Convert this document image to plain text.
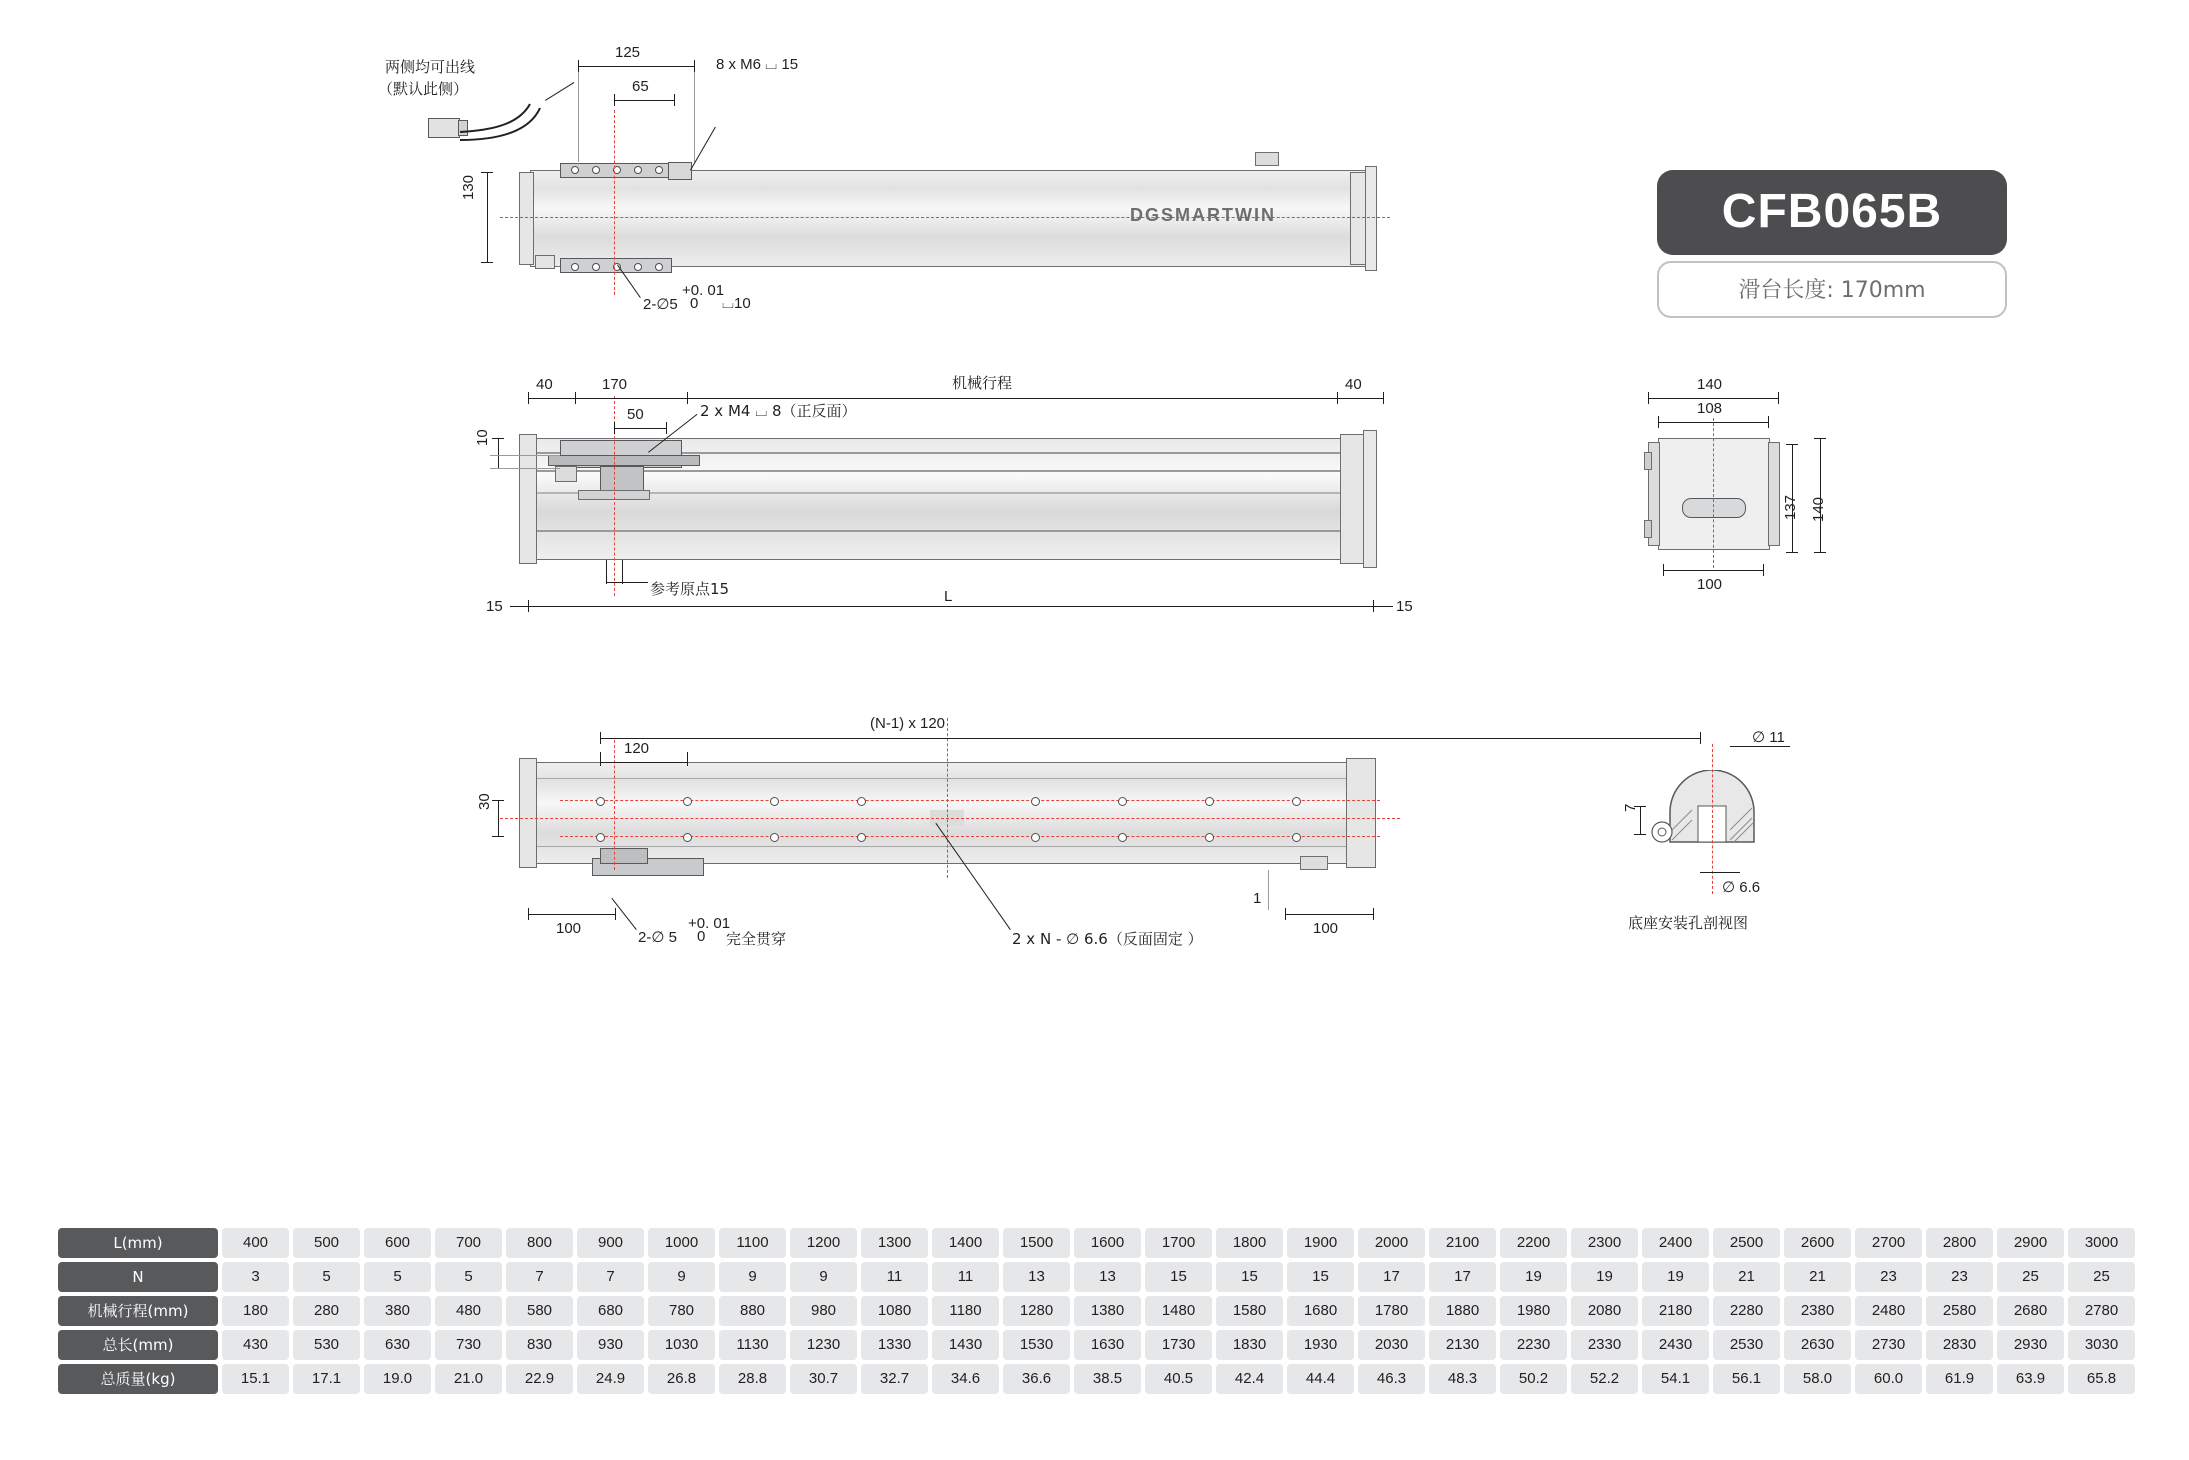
CFB065B
滑台长度: 170mm
两侧均可出线
（默认此侧）
DGSMARTWIN
125
65
130
8 x M6 ⌴ 15
+0. 01
2-∅5 0 ⌴10
40	170
50
10
机械行程	40
2 x M4 ⌴ 8（正反面）
参考原点15	L
15	15
(N-1) x 120
120
30
100	100
1
+0. 01
2-∅ 5 0 完全贯穿	2 x N - ∅ 6.6（反面固定 ）
140
108
100
137 140
∅ 11
∅ 6.6
7
底座安装孔剖视图
L(mm)	400	500	600	700	800	900	1000	1100	1200	1300	1400	1500	1600	1700	1800	1900	2000	2100	2200	2300	2400	2500	2600	2700	2800	2900	3000
N	3	5	5	5	7	7	9	9	9	11	11	13	13	15	15	15	17	17	19	19	19	21	21	23	23	25	25
机械行程(mm)	180	280	380	480	580	680	780	880	980	1080	1180	1280	1380	1480	1580	1680	1780	1880	1980	2080	2180	2280	2380	2480	2580	2680	2780
总长(mm)	430	530	630	730	830	930	1030	1130	1230	1330	1430	1530	1630	1730	1830	1930	2030	2130	2230	2330	2430	2530	2630	2730	2830	2930	3030
总质量(kg)	15.1	17.1	19.0	21.0	22.9	24.9	26.8	28.8	30.7	32.7	34.6	36.6	38.5	40.5	42.4	44.4	46.3	48.3	50.2	52.2	54.1	56.1	58.0	60.0	61.9	63.9	65.8
